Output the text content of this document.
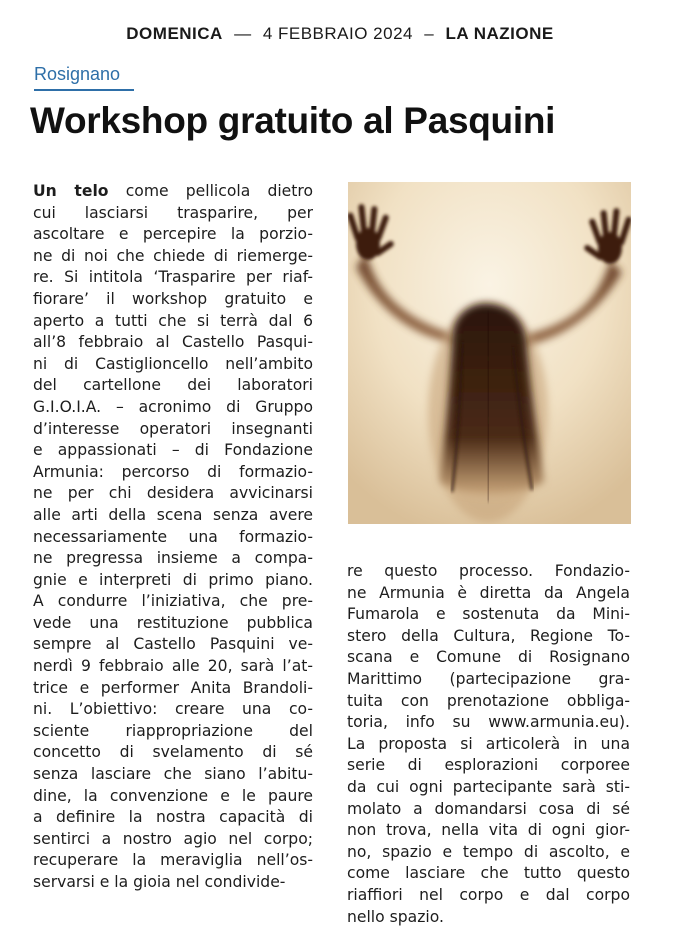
DOMENICA — 4 FEBBRAIO 2024 – LA NAZIONE
Rosignano
Workshop gratuito al Pasquini
Un telo come pellicola dietro
cui lasciarsi trasparire, per
ascoltare e percepire la porzio-
ne di noi che chiede di riemerge-
re. Si intitola ‘Trasparire per riaf-
fiorare’ il workshop gratuito e
aperto a tutti che si terrà dal 6
all’8 febbraio al Castello Pasqui-
ni di Castiglioncello nell’ambito
del cartellone dei laboratori
G.I.O.I.A. – acronimo di Gruppo
d’interesse operatori insegnanti
e appassionati – di Fondazione
Armunia: percorso di formazio-
ne per chi desidera avvicinarsi
alle arti della scena senza avere
necessariamente una formazio-
ne pregressa insieme a compa-
gnie e interpreti di primo piano.
A condurre l’iniziativa, che pre-
vede una restituzione pubblica
sempre al Castello Pasquini ve-
nerdì 9 febbraio alle 20, sarà l’at-
trice e performer Anita Brandoli-
ni. L’obiettivo: creare una co-
sciente riappropriazione del
concetto di svelamento di sé
senza lasciare che siano l’abitu-
dine, la convenzione e le paure
a definire la nostra capacità di
sentirci a nostro agio nel corpo;
recuperare la meraviglia nell’os-
servarsi e la gioia nel condivide-
re questo processo. Fondazio-
ne Armunia è diretta da Angela
Fumarola e sostenuta da Mini-
stero della Cultura, Regione To-
scana e Comune di Rosignano
Marittimo (partecipazione gra-
tuita con prenotazione obbliga-
toria, info su www.armunia.eu).
La proposta si articolerà in una
serie di esplorazioni corporee
da cui ogni partecipante sarà sti-
molato a domandarsi cosa di sé
non trova, nella vita di ogni gior-
no, spazio e tempo di ascolto, e
come lasciare che tutto questo
riaffiori nel corpo e dal corpo
nello spazio.
